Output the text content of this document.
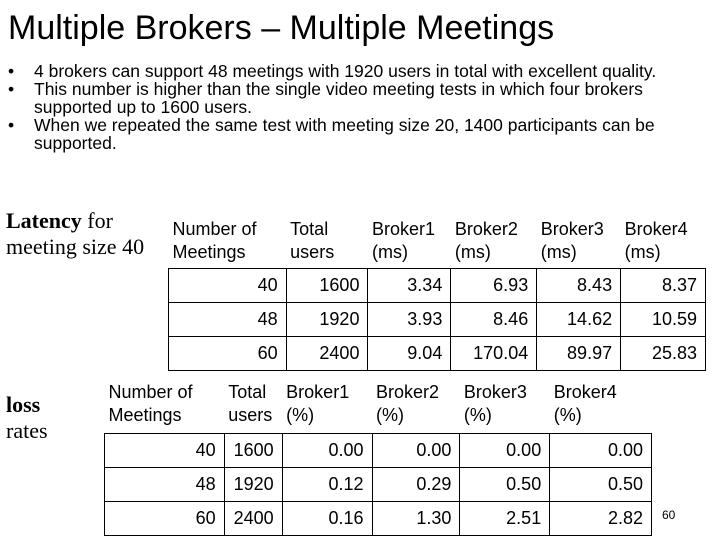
Multiple Brokers – Multiple Meetings
• 4 brokers can support 48 meetings with 1920 users in total with excellent quality.
• This number is higher than the single video meeting tests in which four brokers supported up to 1600 users.
• When we repeated the same test with meeting size 20, 1400 participants can be supported.
Latency for meeting size 40
Number of Meetings	Total users	Broker1 (ms)	Broker2 (ms)	Broker3 (ms)	Broker4 (ms)
40	1600	3.34	6.93	8.43	8.37
48	1920	3.93	8.46	14.62	10.59
60	2400	9.04	170.04	89.97	25.83
loss
rates
Number of Meetings	Total users	Broker1 (%)	Broker2 (%)	Broker3 (%)	Broker4 (%)
40	1600	0.00	0.00	0.00	0.00
48	1920	0.12	0.29	0.50	0.50
60	2400	0.16	1.30	2.51	2.82 60
